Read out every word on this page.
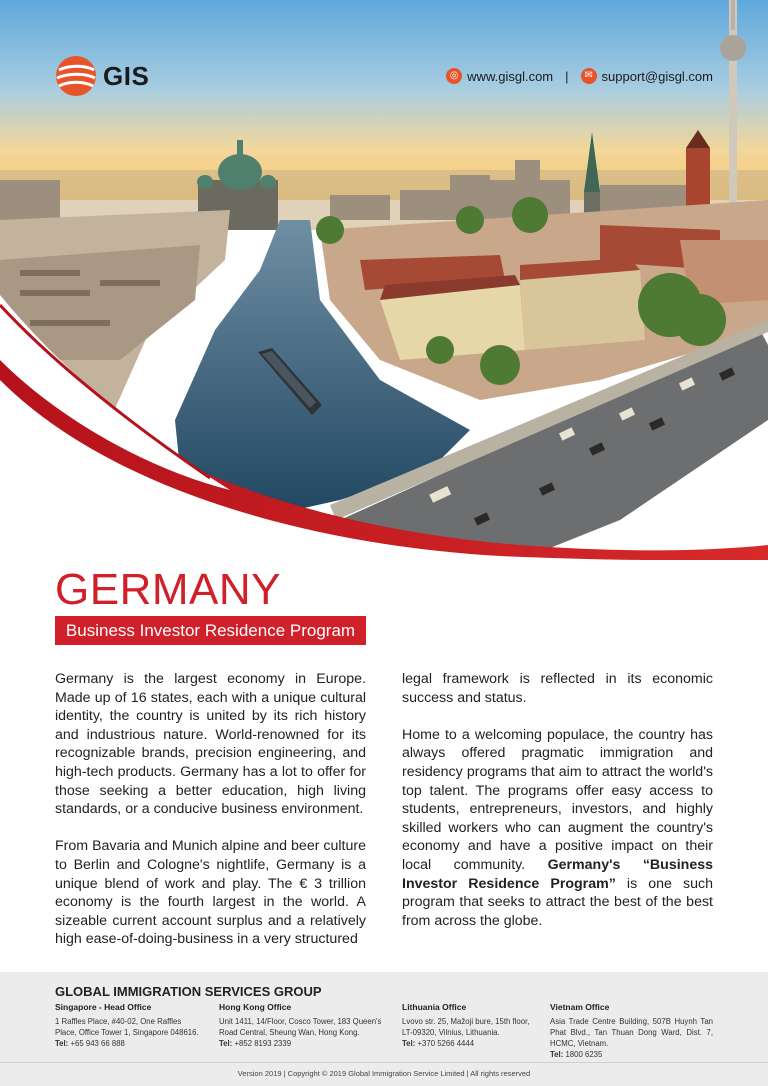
GIS	◎ www.gisgl.com |	✉ support@gisgl.com
GERMANY
Business Investor Residence Program

Germany is the largest economy in Europe. Made up of 16 states, each with a unique cultural identity, the country is united by its rich history and industrious nature. World-renowned for its recognizable brands, precision engineering, and high-tech products. Germany has a lot to offer for those seeking a better education, high living standards, or a conducive business environment.

From Bavaria and Munich alpine and beer culture to Berlin and Cologne's nightlife, Germany is a unique blend of work and play. The € 3 trillion economy is the fourth largest in the world. A sizeable current account surplus and a relatively high ease-of-doing-business in a very structured

legal framework is reflected in its economic success and status.

Home to a welcoming populace, the country has always offered pragmatic immigration and residency programs that aim to attract the world's top talent. The programs offer easy access to students, entrepreneurs, investors, and highly skilled workers who can augment the country's economy and have a positive impact on their local community. Germany's “Business Investor Residence Program” is one such program that seeks to attract the best of the best from across the globe.

GLOBAL IMMIGRATION SERVICES GROUP
Singapore - Head Office
1 Raffles Place, #40-02, One Raffles Place, Office Tower 1, Singapore 048616.
Tel: +65 943 66 888
Hong Kong Office
Unit 1411, 14/Floor, Cosco Tower, 183 Queen's Road Central, Sheung Wan, Hong Kong.
Tel: +852 8193 2339
Lithuania Office
Lvovo str. 25, Mažoji bure, 15th floor, LT-09320, Vilnius, Lithuania.
Tel: +370 5266 4444
Vietnam Office
Asia Trade Centre Building, 507B Huynh Tan Phat Blvd., Tan Thuan Dong Ward, Dist. 7, HCMC, Vietnam.
Tel: 1800 6235
Version 2019 | Copyright © 2019 Global Immigration Service Limited | All rights reserved
